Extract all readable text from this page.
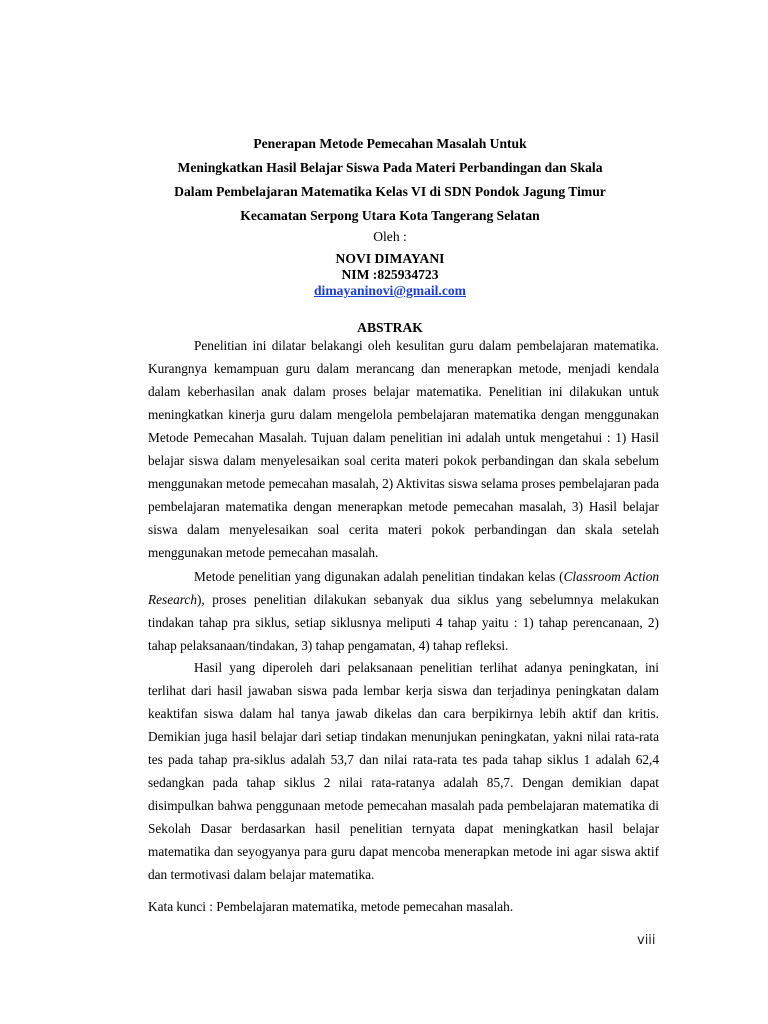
Penerapan Metode Pemecahan Masalah Untuk
Meningkatkan Hasil Belajar Siswa Pada Materi Perbandingan dan Skala
Dalam Pembelajaran Matematika Kelas VI di SDN Pondok Jagung Timur
Kecamatan Serpong Utara Kota Tangerang Selatan
Oleh :
NOVI DIMAYANI
NIM :825934723
dimayaninovi@gmail.com
ABSTRAK

Penelitian ini dilatar belakangi oleh kesulitan guru dalam pembelajaran matematika. Kurangnya kemampuan guru dalam merancang dan menerapkan metode, menjadi kendala dalam keberhasilan anak dalam proses belajar matematika. Penelitian ini dilakukan untuk meningkatkan kinerja guru dalam mengelola pembelajaran matematika dengan menggunakan Metode Pemecahan Masalah. Tujuan dalam penelitian ini adalah untuk mengetahui : 1) Hasil belajar siswa dalam menyelesaikan soal cerita materi pokok perbandingan dan skala sebelum menggunakan metode pemecahan masalah, 2) Aktivitas siswa selama proses pembelajaran pada pembelajaran matematika dengan menerapkan metode pemecahan masalah, 3) Hasil belajar siswa dalam menyelesaikan soal cerita materi pokok perbandingan dan skala setelah menggunakan metode pemecahan masalah.

Metode penelitian yang digunakan adalah penelitian tindakan kelas (Classroom Action Research), proses penelitian dilakukan sebanyak dua siklus yang sebelumnya melakukan tindakan tahap pra siklus, setiap siklusnya meliputi 4 tahap yaitu : 1) tahap perencanaan, 2) tahap pelaksanaan/tindakan, 3) tahap pengamatan, 4) tahap refleksi.

Hasil yang diperoleh dari pelaksanaan penelitian terlihat adanya peningkatan, ini terlihat dari hasil jawaban siswa pada lembar kerja siswa dan terjadinya peningkatan dalam keaktifan siswa dalam hal tanya jawab dikelas dan cara berpikirnya lebih aktif dan kritis. Demikian juga hasil belajar dari setiap tindakan menunjukan peningkatan, yakni nilai rata-rata tes pada tahap pra-siklus adalah 53,7 dan nilai rata-rata tes pada tahap siklus 1 adalah 62,4 sedangkan pada tahap siklus 2 nilai rata-ratanya adalah 85,7. Dengan demikian dapat disimpulkan bahwa penggunaan metode pemecahan masalah pada pembelajaran matematika di Sekolah Dasar berdasarkan hasil penelitian ternyata dapat meningkatkan hasil belajar matematika dan seyogyanya para guru dapat mencoba menerapkan metode ini agar siswa aktif dan termotivasi dalam belajar matematika.

Kata kunci : Pembelajaran matematika, metode pemecahan masalah.
viii
